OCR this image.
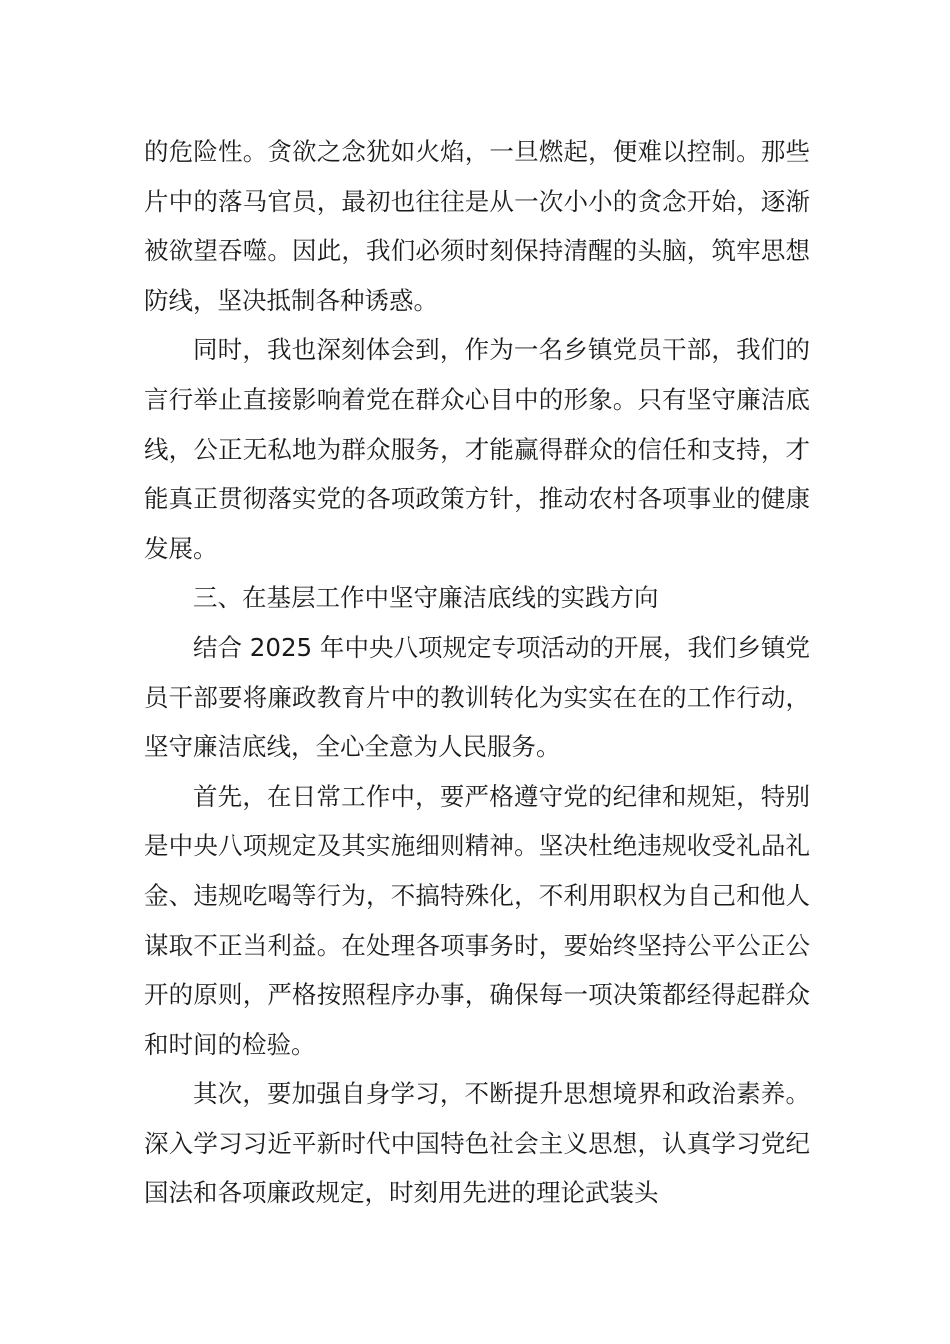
的危险性。贪欲之念犹如火焰，一旦燃起，便难以控制。那些片中的落马官员，最初也往往是从一次小小的贪念开始，逐渐被欲望吞噬。因此，我们必须时刻保持清醒的头脑，筑牢思想防线，坚决抵制各种诱惑。

同时，我也深刻体会到，作为一名乡镇党员干部，我们的言行举止直接影响着党在群众心目中的形象。只有坚守廉洁底线，公正无私地为群众服务，才能赢得群众的信任和支持，才能真正贯彻落实党的各项政策方针，推动农村各项事业的健康发展。

三、在基层工作中坚守廉洁底线的实践方向

结合 2025 年中央八项规定专项活动的开展，我们乡镇党员干部要将廉政教育片中的教训转化为实实在在的工作行动，坚守廉洁底线，全心全意为人民服务。

首先，在日常工作中，要严格遵守党的纪律和规矩，特别是中央八项规定及其实施细则精神。坚决杜绝违规收受礼品礼金、违规吃喝等行为，不搞特殊化，不利用职权为自己和他人谋取不正当利益。在处理各项事务时，要始终坚持公平公正公开的原则，严格按照程序办事，确保每一项决策都经得起群众和时间的检验。

其次，要加强自身学习，不断提升思想境界和政治素养。深入学习习近平新时代中国特色社会主义思想，认真学习党纪国法和各项廉政规定，时刻用先进的理论武装头
